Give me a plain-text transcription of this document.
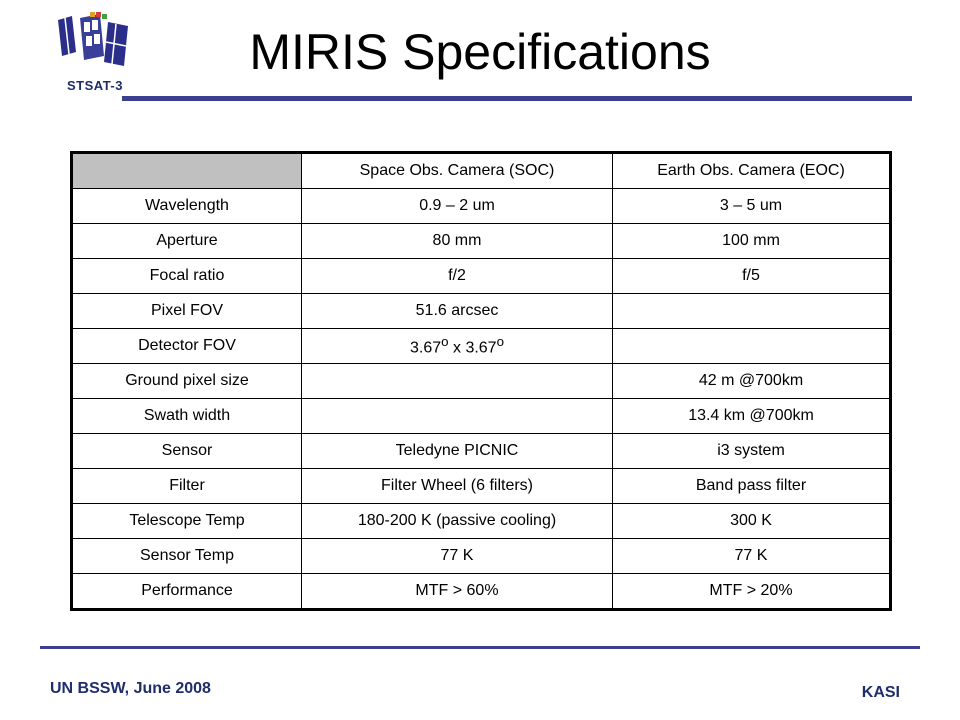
STSAT-3
MIRIS Specifications
	Space Obs. Camera (SOC)	Earth Obs. Camera (EOC)
Wavelength	0.9 – 2 um	3 – 5 um
Aperture	80 mm	100 mm
Focal ratio	f/2	f/5
Pixel FOV	51.6 arcsec	
Detector FOV	3.67$^o$ x 3.67$^o$	
Ground pixel size		42 m @700km
Swath width		13.4 km @700km
Sensor	Teledyne PICNIC	i3 system
Filter	Filter Wheel (6 filters)	Band pass filter
Telescope Temp	180-200 K (passive cooling)	300 K
Sensor Temp	77 K	77 K
Performance	MTF > 60%	MTF > 20%
UN BSSW, June 2008	KASI
